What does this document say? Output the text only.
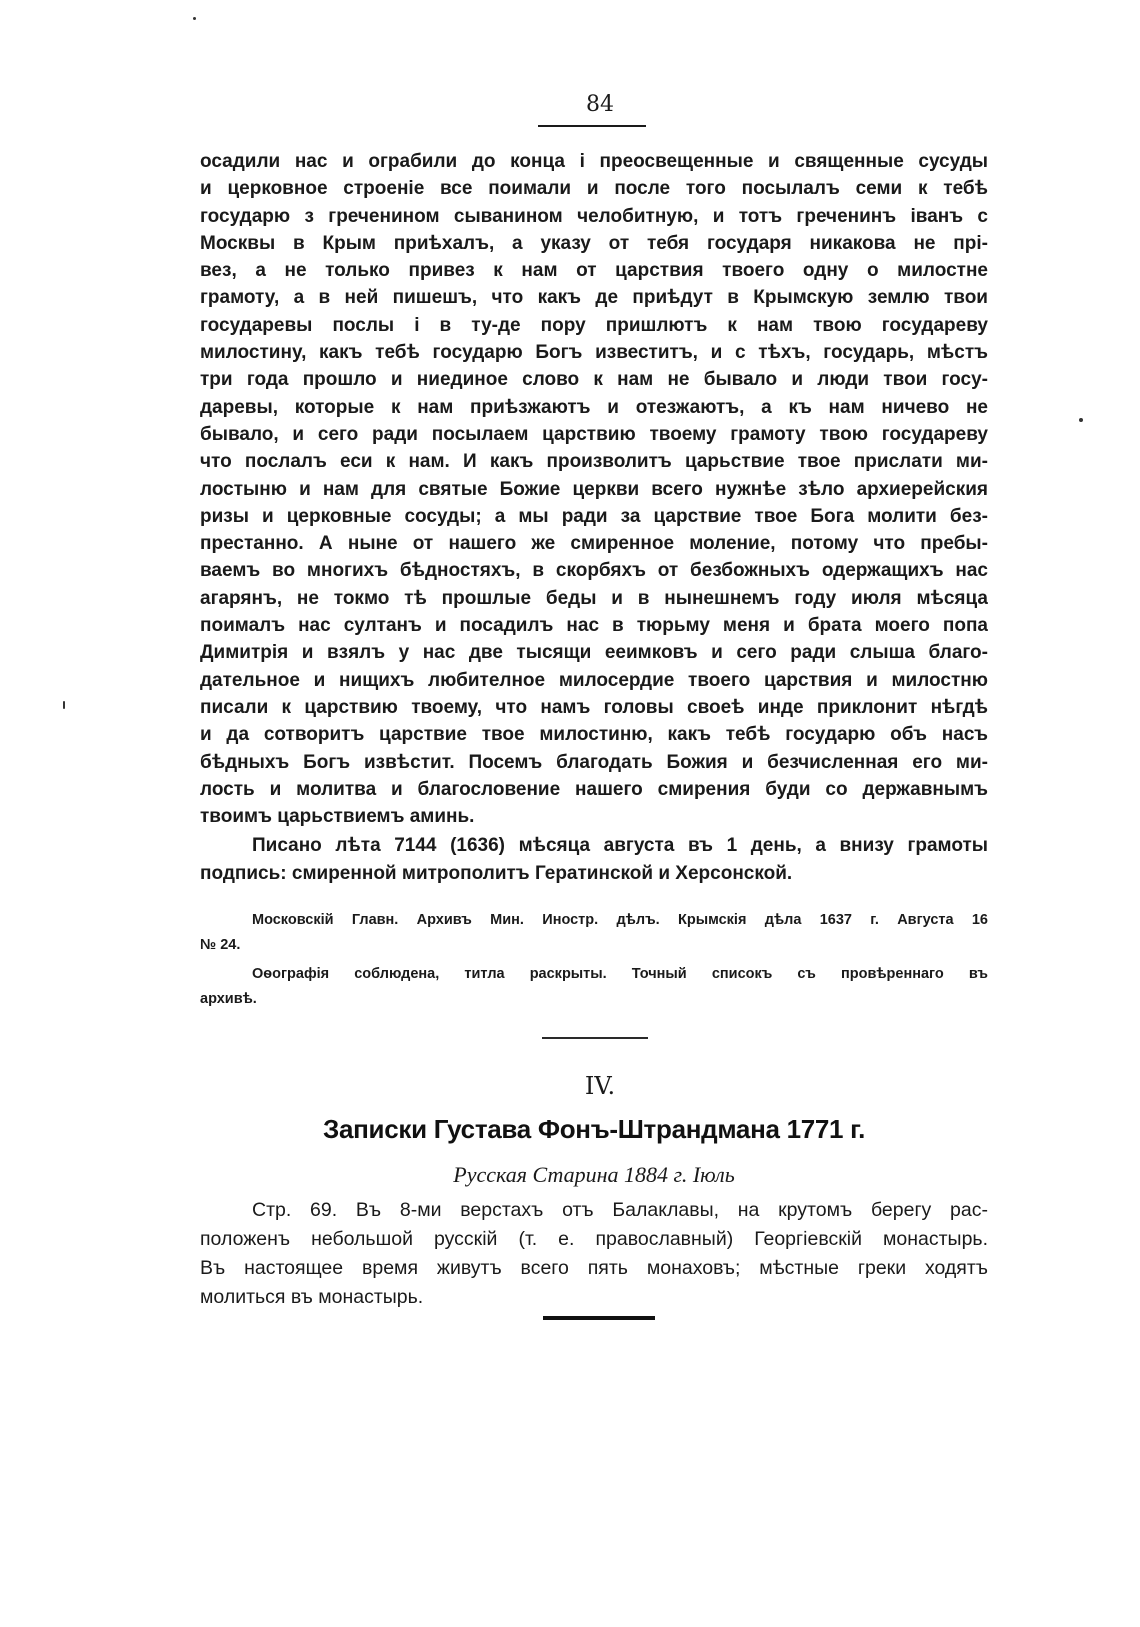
84
осадили нас и ограбили до конца і преосвещенные и священные сусуды
и церковное строеніе все поимали и после того посылалъ семи к тебѣ
государю з греченином сыванином челобитную, и тотъ греченинъ іванъ с
Москвы в Крым приѣхалъ, а указу от тебя государя никакова не прі-
вез, а не только привез к нам от царствия твоего одну о милостне
грамоту, а в ней пишешъ, что какъ де приѣдут в Крымскую землю твои
государевы послы і в ту-де пору пришлютъ к нам твою государеву
милостину, какъ тебѣ государю Богъ известитъ, и с тѣхъ, государь, мѣстъ
три года прошло и ниединое слово к нам не бывало и люди твои госу-
даревы, которые к нам приѣзжаютъ и отезжаютъ, а къ нам ничево не
бывало, и сего ради посылаем царствию твоему грамоту твою государеву
что послалъ еси к нам. И какъ произволитъ царьствие твое прислати ми-
лостыню и нам для святые Божие церкви всего нужнѣе зѣло архиерейския
ризы и церковные сосуды; а мы ради за царствие твое Бога молити без-
престанно. А ныне от нашего же смиренное моление, потому что пребы-
ваемъ во многихъ бѣдностяхъ, в скорбяхъ от безбожныхъ одержащихъ нас
агарянъ, не токмо тѣ прошлые беды и в нынешнемъ году июля мѣсяца
поималъ нас султанъ и посадилъ нас в тюрьму меня и брата моего попа
Димитрія и взялъ у нас две тысящи ееимковъ и сего ради слыша благо-
дательное и нищихъ любителное милосердие твоего царствия и милостню
писали к царствию твоему, что намъ головы своеѣ инде приклонит нѣгдѣ
и да сотворитъ царствие твое милостиню, какъ тебѣ государю объ насъ
бѣдныхъ Богъ извѣстит. Посемъ благодать Божия и безчисленная его ми-
лость и молитва и благословение нашего смирения буди со державнымъ
твоимъ царьствиемъ аминь.
Писано лѣта 7144 (1636) мѣсяца августа въ 1 день, а внизу грамоты
подпись: смиренной митрополитъ Гератинской и Херсонской.
Московскій Главн. Архивъ Мин. Иностр. дѣлъ. Крымскія дѣла 1637 г. Августа 16
№ 24.
Оѳографія соблюдена, титла раскрыты. Точный списокъ съ провѣреннаго въ
архивѣ.
IV.
Записки Густава Фонъ-Штрандмана 1771 г.
Русская Старина 1884 г. Іюль
Стр. 69. Въ 8-ми верстахъ отъ Балаклавы, на крутомъ берегу рас-
положенъ небольшой русскій (т. е. православный) Георгіевскій монастырь.
Въ настоящее время живутъ всего пять монаховъ; мѣстные греки ходятъ
молиться въ монастырь.
